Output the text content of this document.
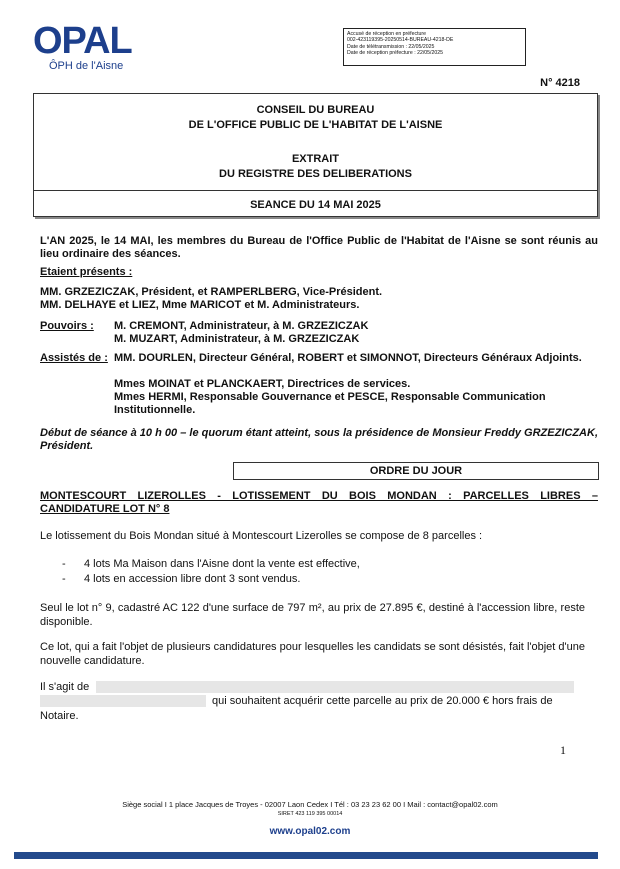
OPAL
ÔPH de l'Aisne
Accusé de réception en préfecture
002-423119395-20250514-BUREAU-4218-DE
Date de télétransmission : 22/05/2025
Date de réception préfecture : 22/05/2025
N° 4218
CONSEIL DU BUREAU
DE L'OFFICE PUBLIC DE L'HABITAT DE L'AISNE
EXTRAIT
DU REGISTRE DES DELIBERATIONS
SEANCE DU 14 MAI 2025
L'AN 2025, le 14 MAI, les membres du Bureau de l'Office Public de l'Habitat de l'Aisne se sont réunis au lieu ordinaire des séances.
Etaient présents :
MM. GRZEZICZAK, Président, et RAMPERLBERG, Vice-Président.
MM. DELHAYE et LIEZ, Mme MARICOT et M. Administrateurs.
Pouvoirs : M. CREMONT, Administrateur, à M. GRZEZICZAK
M. MUZART, Administrateur, à M. GRZEZICZAK
Assistés de : MM. DOURLEN, Directeur Général, ROBERT et SIMONNOT, Directeurs Généraux Adjoints.
Mmes MOINAT et PLANCKAERT, Directrices de services.
Mmes HERMI, Responsable Gouvernance et PESCE, Responsable Communication Institutionnelle.
Début de séance à 10 h 00 – le quorum étant atteint, sous la présidence de Monsieur Freddy GRZEZICZAK, Président.
ORDRE DU JOUR
MONTESCOURT LIZEROLLES - LOTISSEMENT DU BOIS MONDAN : PARCELLES LIBRES – CANDIDATURE LOT N° 8
Le lotissement du Bois Mondan situé à Montescourt Lizerolles se compose de 8 parcelles :
- 4 lots Ma Maison dans l'Aisne dont la vente est effective,
- 4 lots en accession libre dont 3 sont vendus.
Seul le lot n° 9, cadastré AC 122 d'une surface de 797 m², au prix de 27.895 €, destiné à l'accession libre, reste disponible.
Ce lot, qui a fait l'objet de plusieurs candidatures pour lesquelles les candidats se sont désistés, fait l'objet d'une nouvelle candidature.
Il s'agit de
qui souhaitent acquérir cette parcelle au prix de 20.000 € hors frais de
Notaire.
1
Siège social I 1 place Jacques de Troyes - 02007 Laon Cedex I Tél : 03 23 23 62 00 I Mail : contact@opal02.com
SIRET 423 119 395 00014
www.opal02.com
